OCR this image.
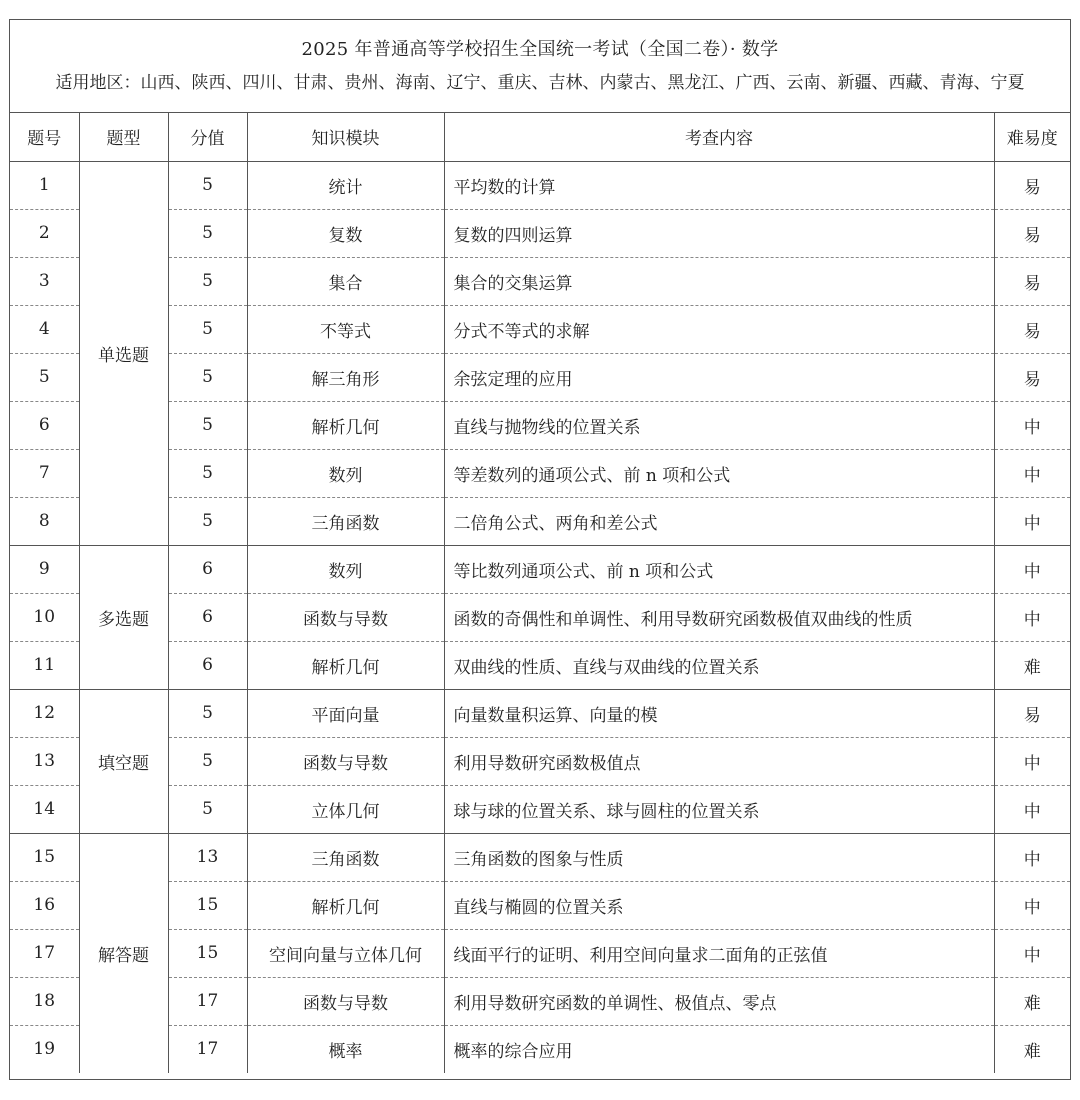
2025 年普通高等学校招生全国统一考试（全国二卷）· 数学
适用地区：山西、陕西、四川、甘肃、贵州、海南、辽宁、重庆、吉林、内蒙古、黑龙江、广西、云南、新疆、西藏、青海、宁夏
题号	题型	分值	知识模块	考查内容	难易度
1	单选题	5	统计	平均数的计算	易
2		5	复数	复数的四则运算	易
3		5	集合	集合的交集运算	易
4		5	不等式	分式不等式的求解	易
5		5	解三角形	余弦定理的应用	易
6		5	解析几何	直线与抛物线的位置关系	中
7		5	数列	等差数列的通项公式、前 n 项和公式	中
8		5	三角函数	二倍角公式、两角和差公式	中
9	多选题	6	数列	等比数列通项公式、前 n 项和公式	中
10		6	函数与导数	函数的奇偶性和单调性、利用导数研究函数极值双曲线的性质	中
11		6	解析几何	双曲线的性质、直线与双曲线的位置关系	难
12	填空题	5	平面向量	向量数量积运算、向量的模	易
13		5	函数与导数	利用导数研究函数极值点	中
14		5	立体几何	球与球的位置关系、球与圆柱的位置关系	中
15	解答题	13	三角函数	三角函数的图象与性质	中
16		15	解析几何	直线与椭圆的位置关系	中
17		15	空间向量与立体几何	线面平行的证明、利用空间向量求二面角的正弦值	中
18		17	函数与导数	利用导数研究函数的单调性、极值点、零点	难
19		17	概率	概率的综合应用	难
